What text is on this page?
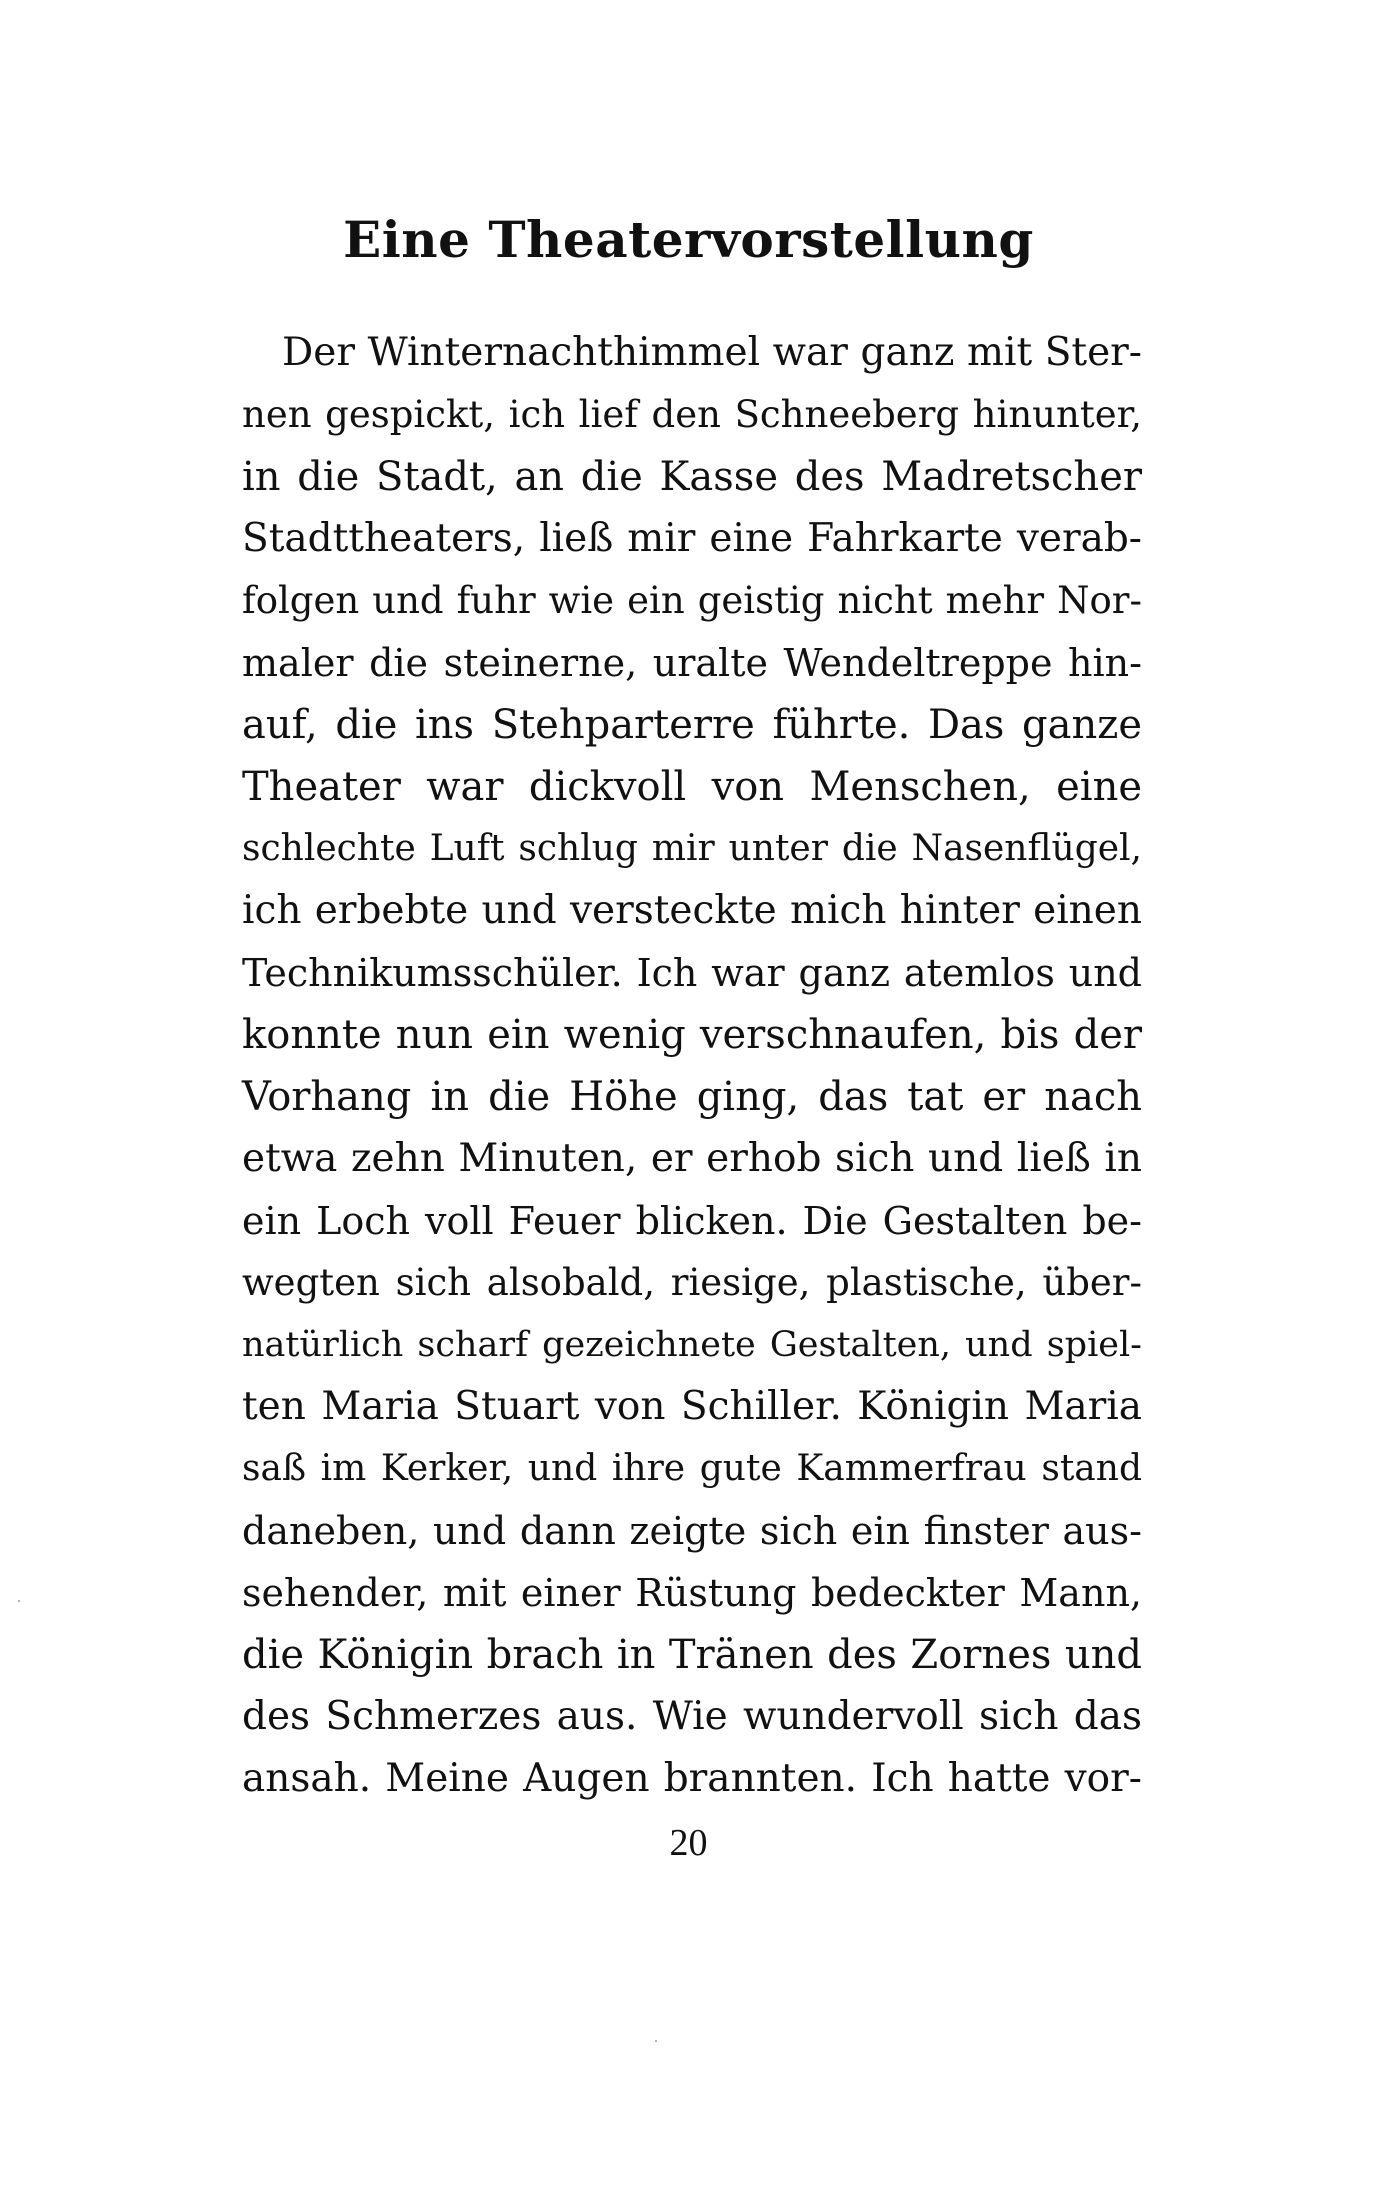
Eine Theatervorstellung
Der Winternachthimmel war ganz mit Ster-
nen gespickt, ich lief den Schneeberg hinunter,
in die Stadt, an die Kasse des Madretscher
Stadttheaters, ließ mir eine Fahrkarte verab-
folgen und fuhr wie ein geistig nicht mehr Nor-
maler die steinerne, uralte Wendeltreppe hin-
auf, die ins Stehparterre führte. Das ganze
Theater war dickvoll von Menschen, eine
schlechte Luft schlug mir unter die Nasenflügel,
ich erbebte und versteckte mich hinter einen
Technikumsschüler. Ich war ganz atemlos und
konnte nun ein wenig verschnaufen, bis der
Vorhang in die Höhe ging, das tat er nach
etwa zehn Minuten, er erhob sich und ließ in
ein Loch voll Feuer blicken. Die Gestalten be-
wegten sich alsobald, riesige, plastische, über-
natürlich scharf gezeichnete Gestalten, und spiel-
ten Maria Stuart von Schiller. Königin Maria
saß im Kerker, und ihre gute Kammerfrau stand
daneben, und dann zeigte sich ein finster aus-
sehender, mit einer Rüstung bedeckter Mann,
die Königin brach in Tränen des Zornes und
des Schmerzes aus. Wie wundervoll sich das
ansah. Meine Augen brannten. Ich hatte vor-
20
